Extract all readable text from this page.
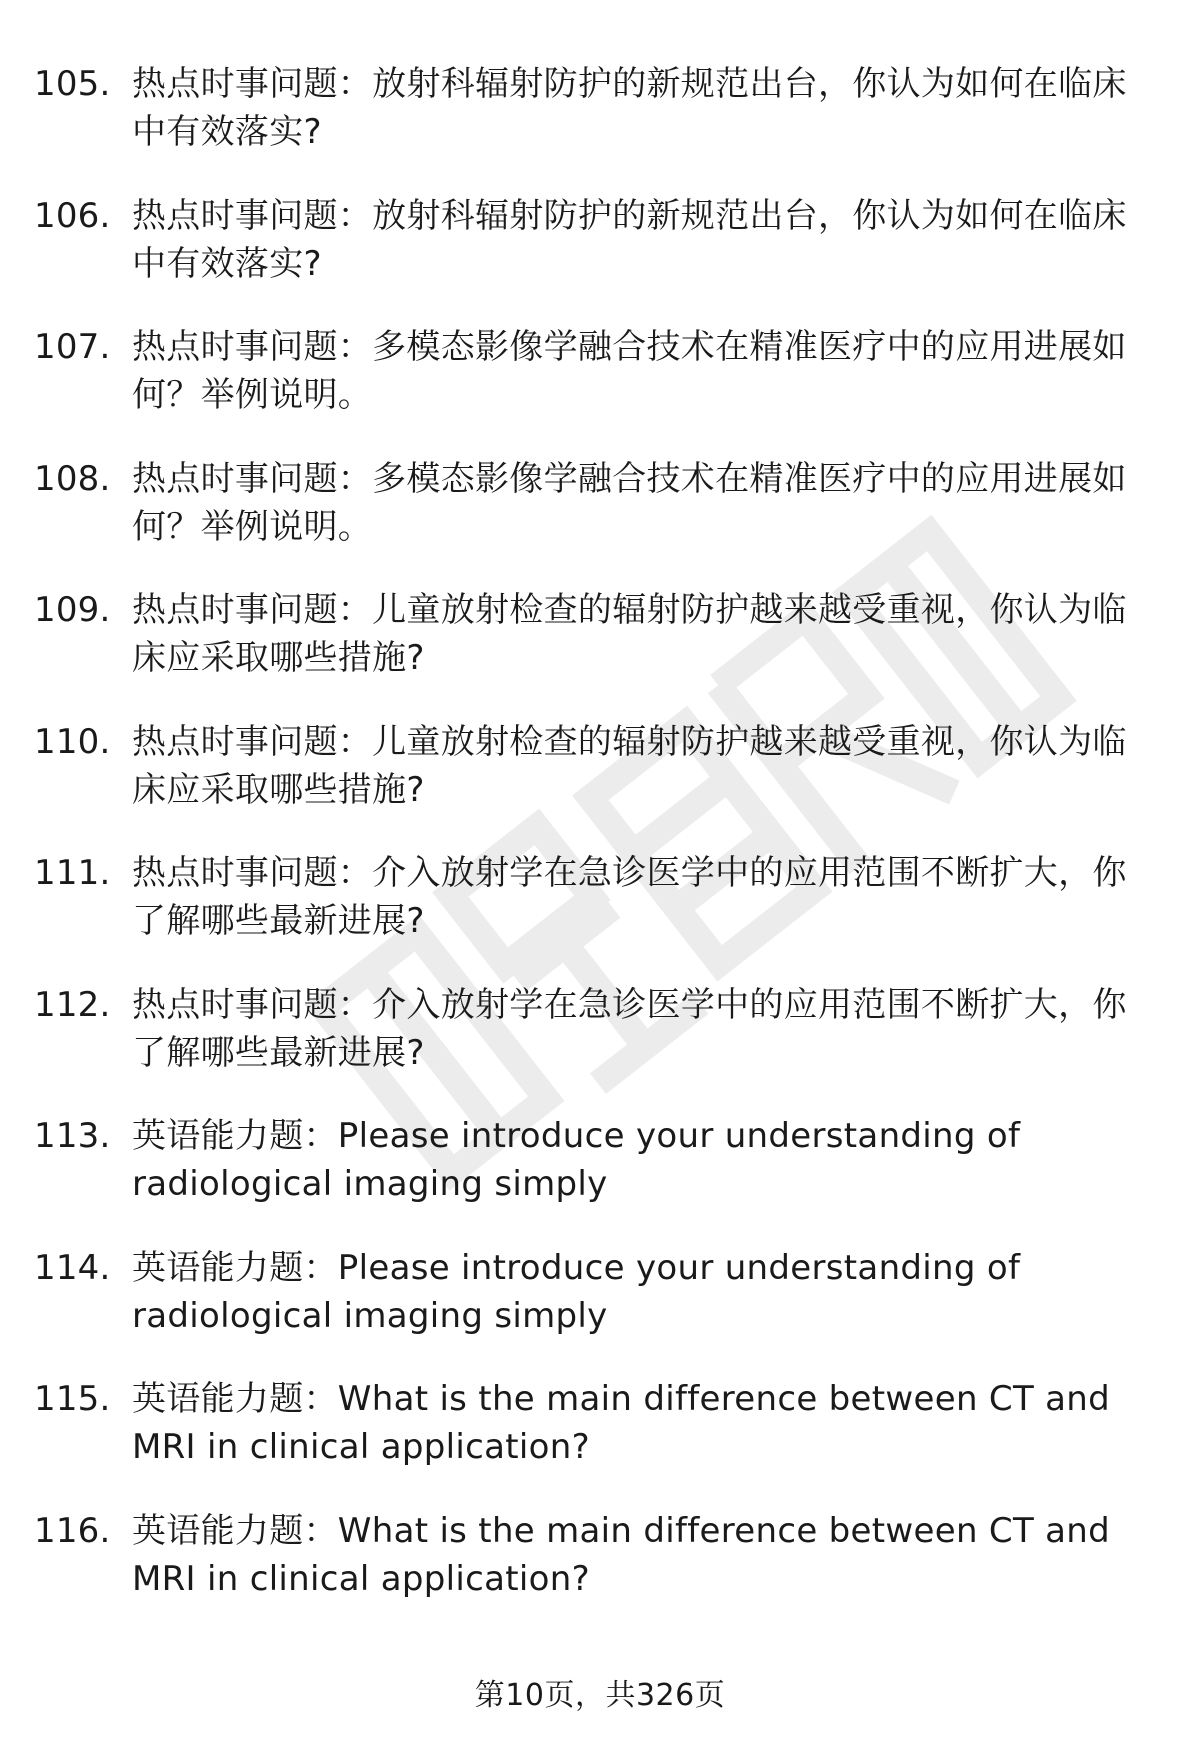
105. 热点时事问题：放射科辐射防护的新规范出台，你认为如何在临床中有效落实?
106. 热点时事问题：放射科辐射防护的新规范出台，你认为如何在临床中有效落实?
107. 热点时事问题：多模态影像学融合技术在精准医疗中的应用进展如何？举例说明。
108. 热点时事问题：多模态影像学融合技术在精准医疗中的应用进展如何？举例说明。
109. 热点时事问题：儿童放射检查的辐射防护越来越受重视，你认为临床应采取哪些措施?
110. 热点时事问题：儿童放射检查的辐射防护越来越受重视，你认为临床应采取哪些措施?
111. 热点时事问题：介入放射学在急诊医学中的应用范围不断扩大，你了解哪些最新进展?
112. 热点时事问题：介入放射学在急诊医学中的应用范围不断扩大，你了解哪些最新进展?
113. 英语能力题：Please introduce your understanding of radiological imaging simply
114. 英语能力题：Please introduce your understanding of radiological imaging simply
115. 英语能力题：What is the main difference between CT and MRI in clinical application?
116. 英语能力题：What is the main difference between CT and MRI in clinical application?
第10页，共326页
